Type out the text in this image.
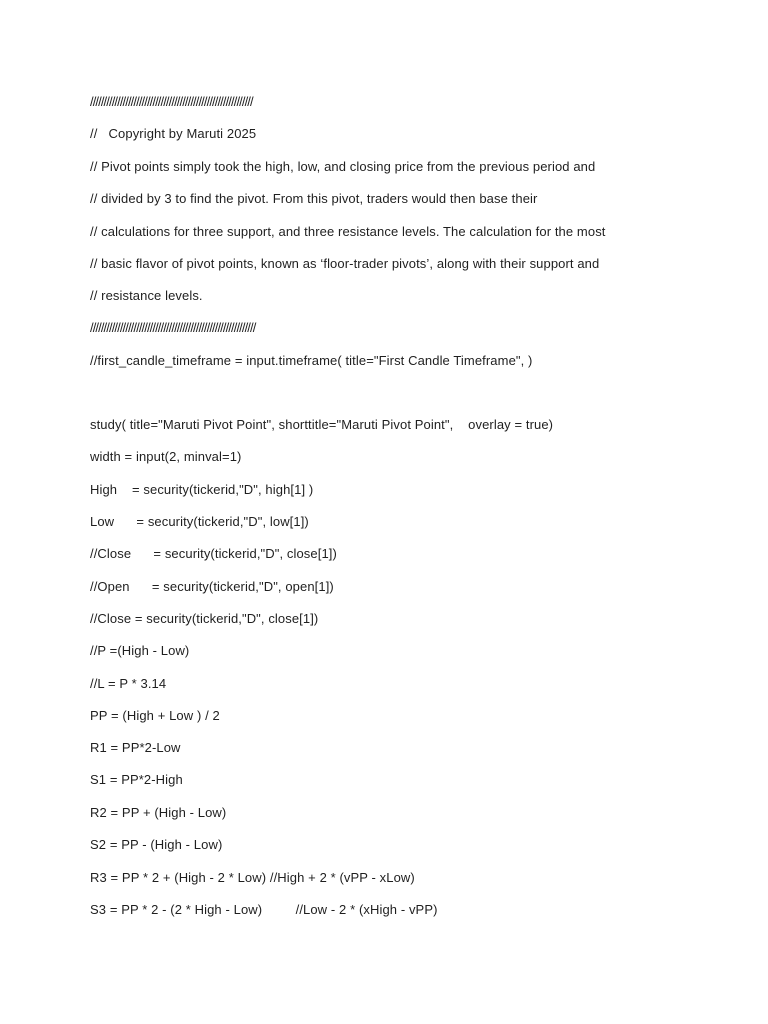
////////////////////////////////////////////////////////////
//   Copyright by Maruti 2025
// Pivot points simply took the high, low, and closing price from the previous period and
// divided by 3 to find the pivot. From this pivot, traders would then base their
// calculations for three support, and three resistance levels. The calculation for the most
// basic flavor of pivot points, known as ‘floor-trader pivots’, along with their support and
// resistance levels.
/////////////////////////////////////////////////////////////
//first_candle_timeframe = input.timeframe( title="First Candle Timeframe", )
study( title="Maruti Pivot Point", shorttitle="Maruti Pivot Point",    overlay = true)
width = input(2, minval=1)
High    = security(tickerid,"D", high[1] )
Low      = security(tickerid,"D", low[1])
//Close      = security(tickerid,"D", close[1])
//Open      = security(tickerid,"D", open[1])
//Close = security(tickerid,"D", close[1])
//P =(High - Low)
//L = P * 3.14
PP = (High + Low ) / 2
R1 = PP*2-Low
S1 = PP*2-High
R2 = PP + (High - Low)
S2 = PP - (High - Low)
R3 = PP * 2 + (High - 2 * Low) //High + 2 * (vPP - xLow)
S3 = PP * 2 - (2 * High - Low)         //Low - 2 * (xHigh - vPP)
